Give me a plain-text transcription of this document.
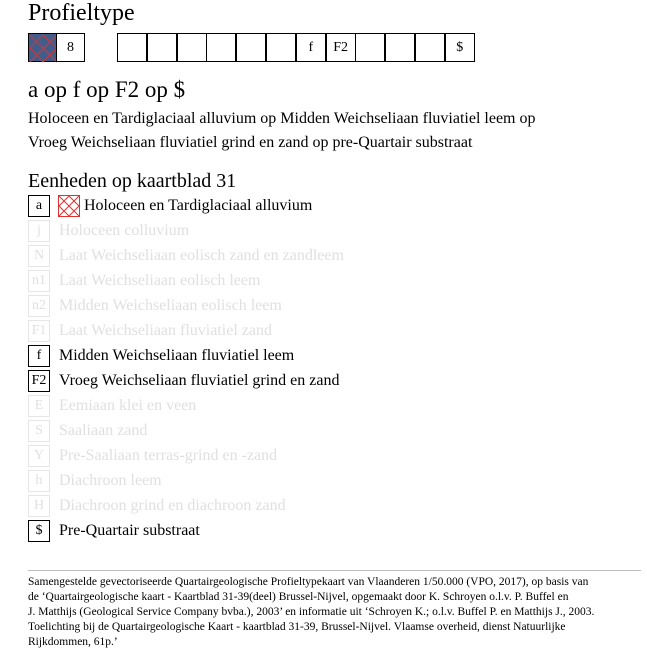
Profieltype
8	f	F2	$
a op f op F2 op $
Holoceen en Tardiglaciaal alluvium op Midden Weichseliaan fluviatiel leem op
Vroeg Weichseliaan fluviatiel grind en zand op pre-Quartair substraat
Eenheden op kaartblad 31
a	Holoceen en Tardiglaciaal alluvium
j	Holoceen colluvium
N Laat Weichseliaan eolisch zand en zandleem
n1 Laat Weichseliaan eolisch leem
n2 Midden Weichseliaan eolisch leem
F1 Laat Weichseliaan fluviatiel zand
f	Midden Weichseliaan fluviatiel leem
F2 Vroeg Weichseliaan fluviatiel grind en zand
E Eemiaan klei en veen
S	Saaliaan zand
Y Pre-Saaliaan terras-grind en -zand
h	Diachroon leem
H Diachroon grind en diachroon zand
$	Pre-Quartair substraat
Samengestelde gevectoriseerde Quartairgeologische Profieltypekaart van Vlaanderen 1/50.000 (VPO, 2017), op basis van
de ‘Quartairgeologische kaart - Kaartblad 31-39(deel) Brussel-Nijvel, opgemaakt door K. Schroyen o.l.v. P. Buffel en
J. Matthijs (Geological Service Company bvba.), 2003’ en informatie uit ‘Schroyen K.; o.l.v. Buffel P. en Matthijs J., 2003.
Toelichting bij de Quartairgeologische Kaart - kaartblad 31-39, Brussel-Nijvel. Vlaamse overheid, dienst Natuurlijke
Rijkdommen, 61p.’
